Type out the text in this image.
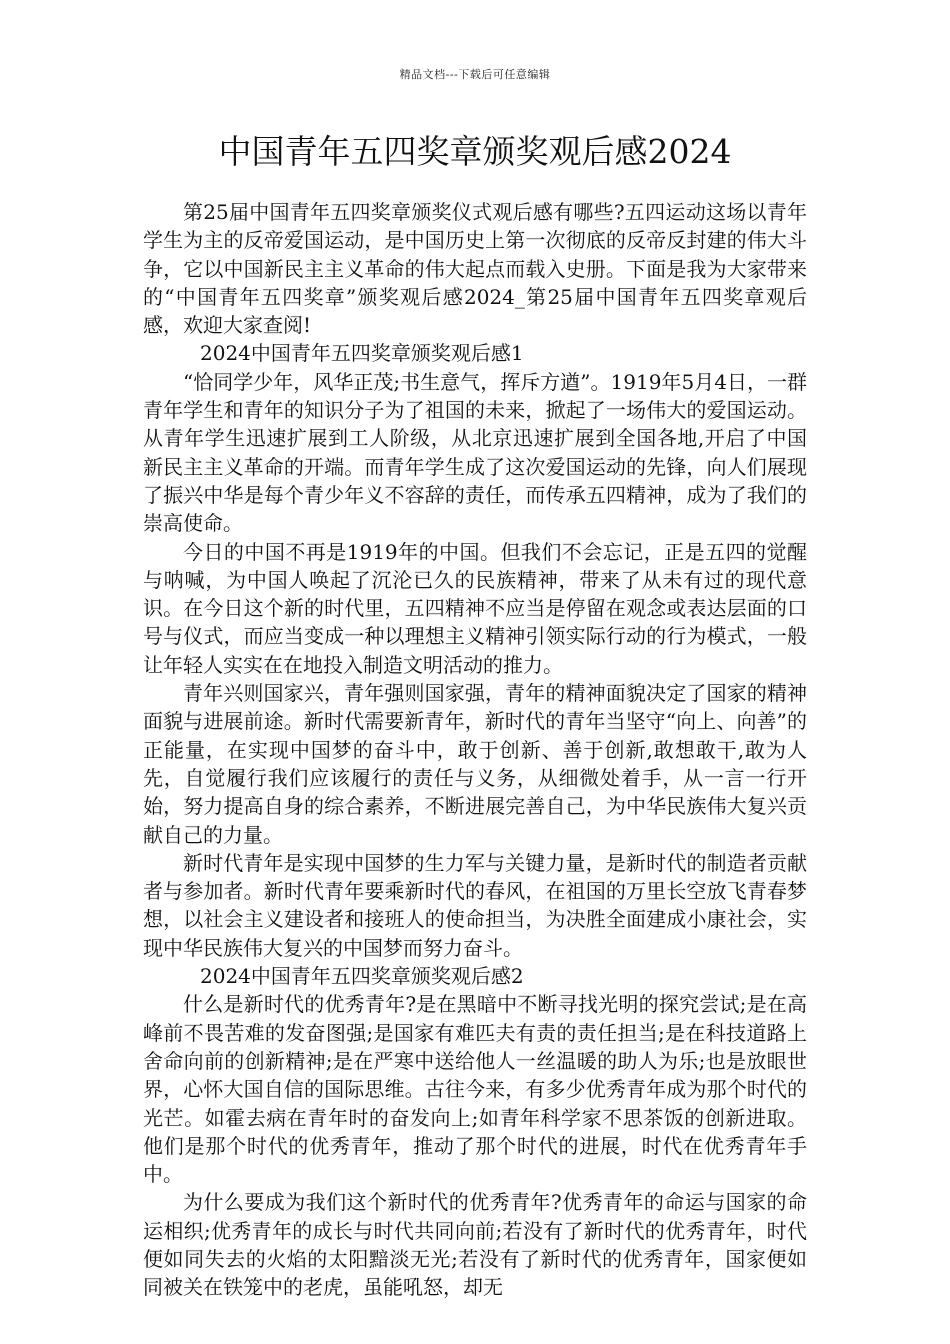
精品文档---下载后可任意编辑
中国青年五四奖章颁奖观后感2024

第25届中国青年五四奖章颁奖仪式观后感有哪些?五四运动这场以青年学生为主的反帝爱国运动，是中国历史上第一次彻底的反帝反封建的伟大斗争，它以中国新民主主义革命的伟大起点而载入史册。下面是我为大家带来的“中国青年五四奖章”颁奖观后感2024_第25届中国青年五四奖章观后感，欢迎大家查阅!

2024中国青年五四奖章颁奖观后感1

“恰同学少年，风华正茂;书生意气，挥斥方遒”。1919年5月4日，一群青年学生和青年的知识分子为了祖国的未来，掀起了一场伟大的爱国运动。从青年学生迅速扩展到工人阶级，从北京迅速扩展到全国各地,开启了中国新民主主义革命的开端。而青年学生成了这次爱国运动的先锋，向人们展现了振兴中华是每个青少年义不容辞的责任，而传承五四精神，成为了我们的崇高使命。

今日的中国不再是1919年的中国。但我们不会忘记，正是五四的觉醒与呐喊，为中国人唤起了沉沦已久的民族精神，带来了从未有过的现代意识。在今日这个新的时代里，五四精神不应当是停留在观念或表达层面的口号与仪式，而应当变成一种以理想主义精神引领实际行动的行为模式，一般让年轻人实实在在地投入制造文明活动的推力。

青年兴则国家兴，青年强则国家强，青年的精神面貌决定了国家的精神面貌与进展前途。新时代需要新青年，新时代的青年当坚守“向上、向善”的正能量，在实现中国梦的奋斗中，敢于创新、善于创新,敢想敢干,敢为人先，自觉履行我们应该履行的责任与义务，从细微处着手，从一言一行开始，努力提高自身的综合素养，不断进展完善自己，为中华民族伟大复兴贡献自己的力量。

新时代青年是实现中国梦的生力军与关键力量，是新时代的制造者贡献者与参加者。新时代青年要乘新时代的春风，在祖国的万里长空放飞青春梦想，以社会主义建设者和接班人的使命担当，为决胜全面建成小康社会，实现中华民族伟大复兴的中国梦而努力奋斗。

2024中国青年五四奖章颁奖观后感2

什么是新时代的优秀青年?是在黑暗中不断寻找光明的探究尝试;是在高峰前不畏苦难的发奋图强;是国家有难匹夫有责的责任担当;是在科技道路上舍命向前的创新精神;是在严寒中送给他人一丝温暖的助人为乐;也是放眼世界，心怀大国自信的国际思维。古往今来，有多少优秀青年成为那个时代的光芒。如霍去病在青年时的奋发向上;如青年科学家不思茶饭的创新进取。他们是那个时代的优秀青年，推动了那个时代的进展，时代在优秀青年手中。

为什么要成为我们这个新时代的优秀青年?优秀青年的命运与国家的命运相织;优秀青年的成长与时代共同向前;若没有了新时代的优秀青年，时代便如同失去的火焰的太阳黯淡无光;若没有了新时代的优秀青年，国家便如同被关在铁笼中的老虎，虽能吼怒，却无
